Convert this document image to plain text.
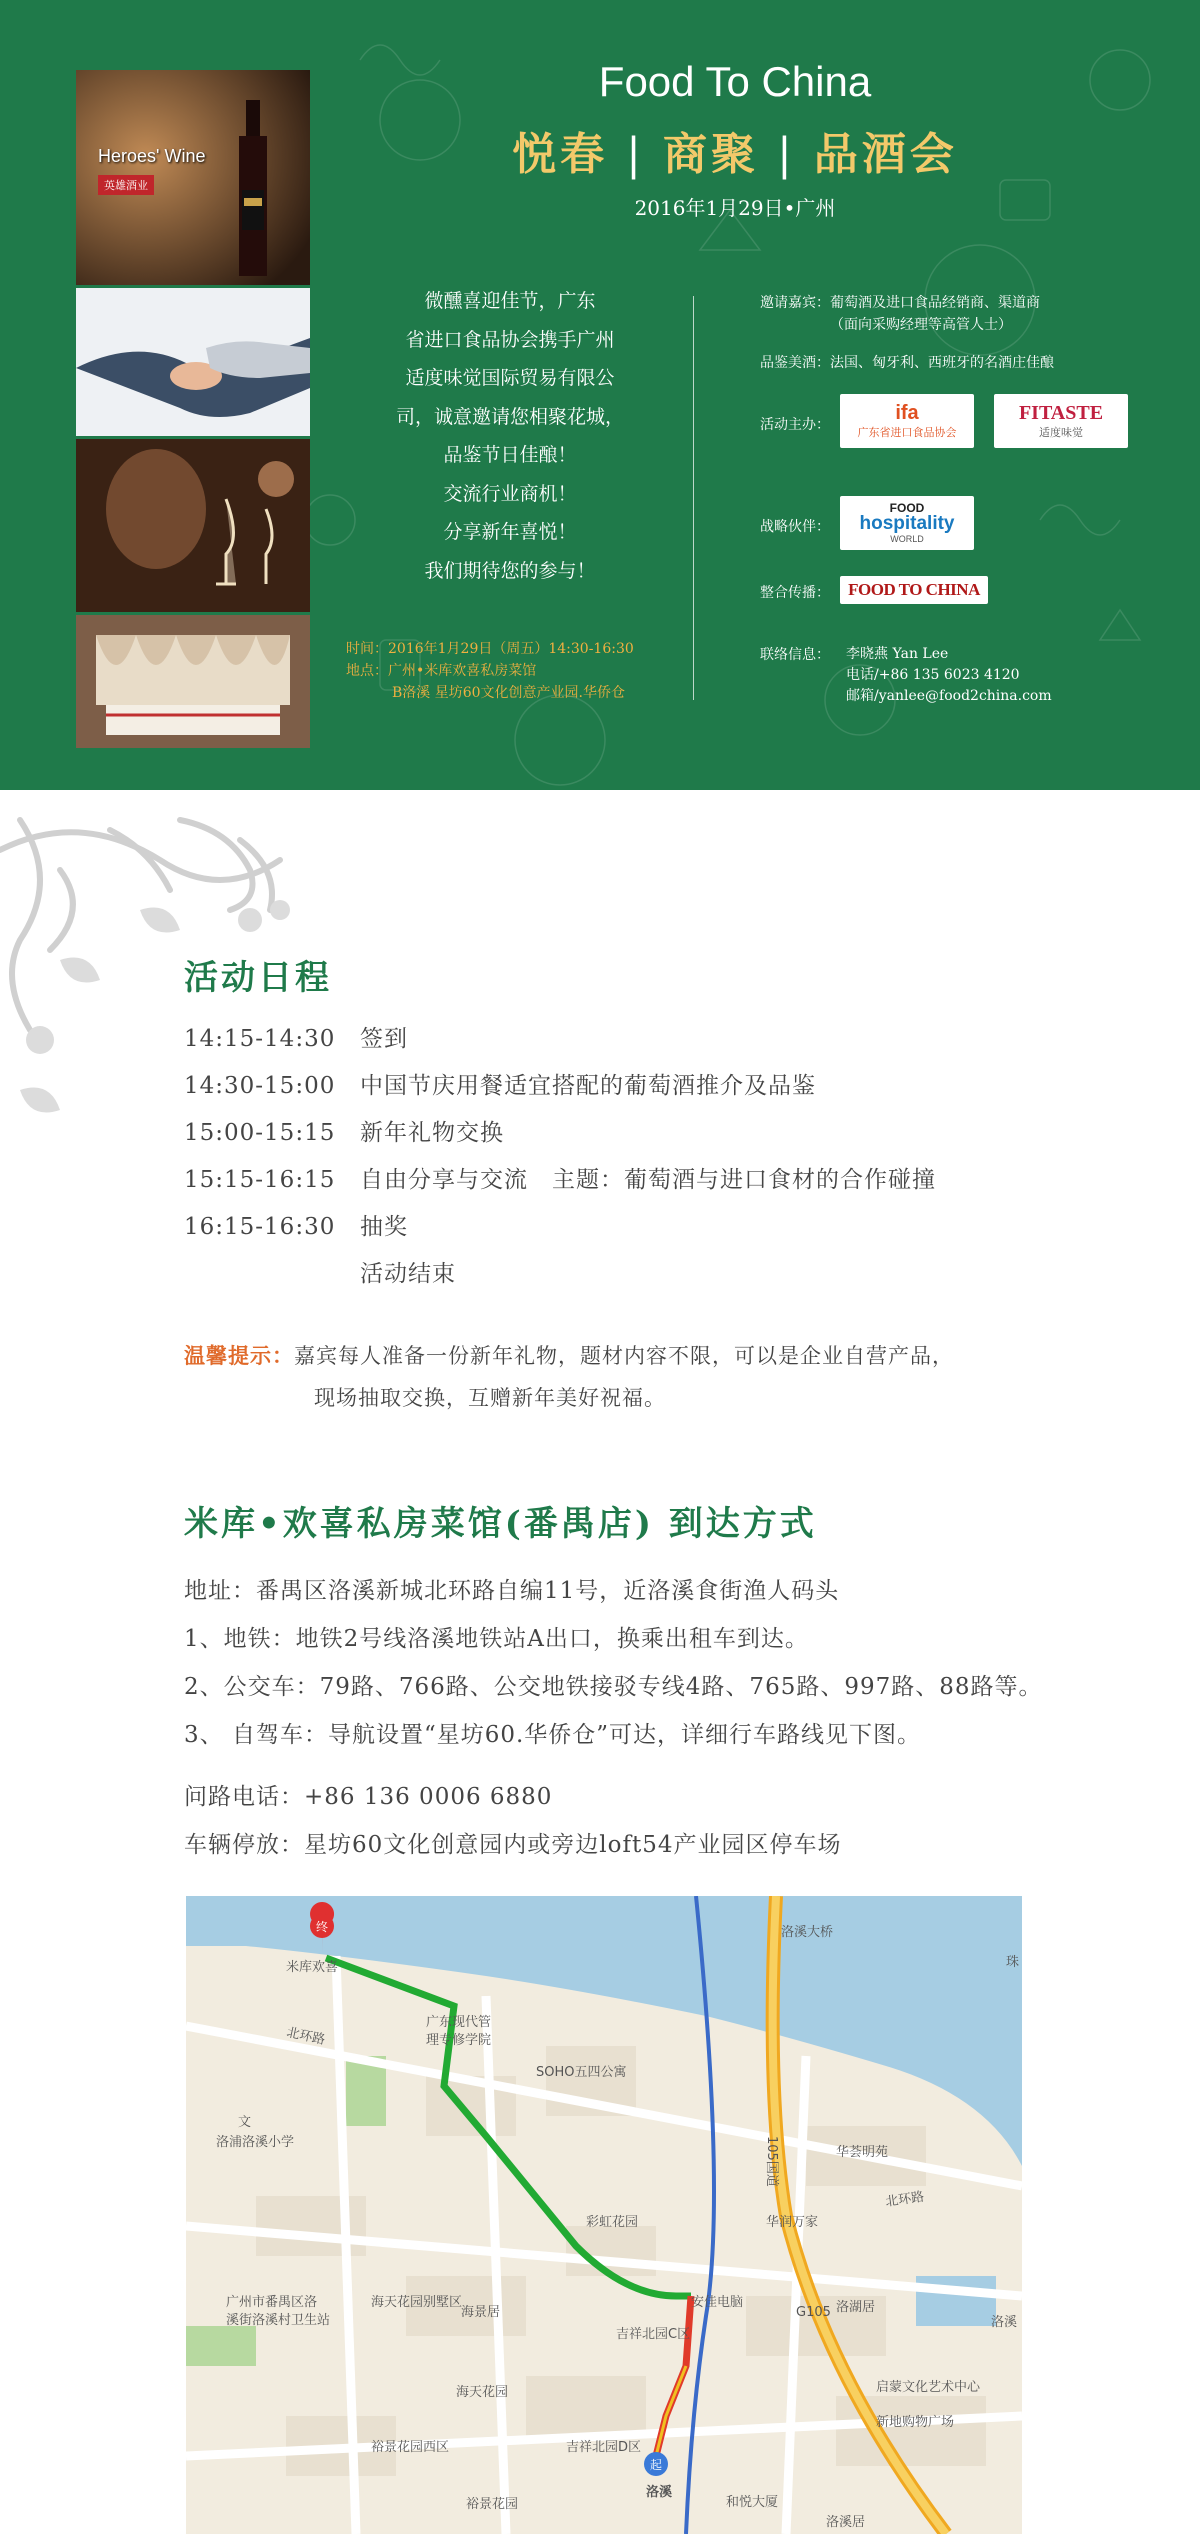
Heroes' Wine
英雄酒业
Food To China
悦春 | 商聚 | 品酒会
2016年1月29日•广州
微醺喜迎佳节，广东
省进口食品协会携手广州
适度味觉国际贸易有限公
司，诚意邀请您相聚花城，
品鉴节日佳酿！
交流行业商机！
分享新年喜悦！
我们期待您的参与！
时间：2016年1月29日（周五）14:30-16:30
地点：广州•米库欢喜私房菜馆
B洛溪 星坊60文化创意产业园.华侨仓
邀请嘉宾：葡萄酒及进口食品经销商、渠道商
（面向采购经理等高管人士）
品鉴美酒：法国、匈牙利、西班牙的名酒庄佳酿
活动主办：
ifa
广东省进口食品协会
FITASTE
适度味觉
战略伙伴：
FOOD
hospitality
WORLD
整合传播： FOOD TO CHINA
联络信息： 李晓燕 Yan Lee
电话/+86 135 6023 4120
邮箱/yanlee@food2china.com
活动日程
14:15-14:30 签到
14:30-15:00 中国节庆用餐适宜搭配的葡萄酒推介及品鉴
15:00-15:15 新年礼物交换
15:15-16:15 自由分享与交流　主题：葡萄酒与进口食材的合作碰撞
16:15-16:30 抽奖
活动结束
温馨提示：嘉宾每人准备一份新年礼物，题材内容不限，可以是企业自营产品，
现场抽取交换，互赠新年美好祝福。
米库•欢喜私房菜馆(番禺店) 到达方式
地址：番禺区洛溪新城北环路自编11号，近洛溪食街渔人码头
1、地铁：地铁2号线洛溪地铁站A出口，换乘出租车到达。
2、公交车：79路、766路、公交地铁接驳专线4路、765路、997路、88路等。
3、 自驾车：导航设置“星坊60.华侨仓”可达，详细行车路线见下图。
问路电话：+86 136 0006 6880
车辆停放：星坊60文化创意园内或旁边loft54产业园区停车场
终
起
米库欢喜
广东现代管
理专修学院
SOHO五四公寓
洛溪大桥
北环路
北环路
珠
洛浦洛溪小学
文
华荟明苑
华润万家
彩虹花园
广州市番禺区洛
溪街洛溪村卫生站
海天花园别墅区
海景居
海天花园
安佳电脑
吉祥北园C区
吉祥北园D区
裕景花园西区
裕景花园
洛溪
洛溪
启蒙文化艺术中心
新地购物广场
和悦大厦
洛溪居
105国道
G105 洛湖居
